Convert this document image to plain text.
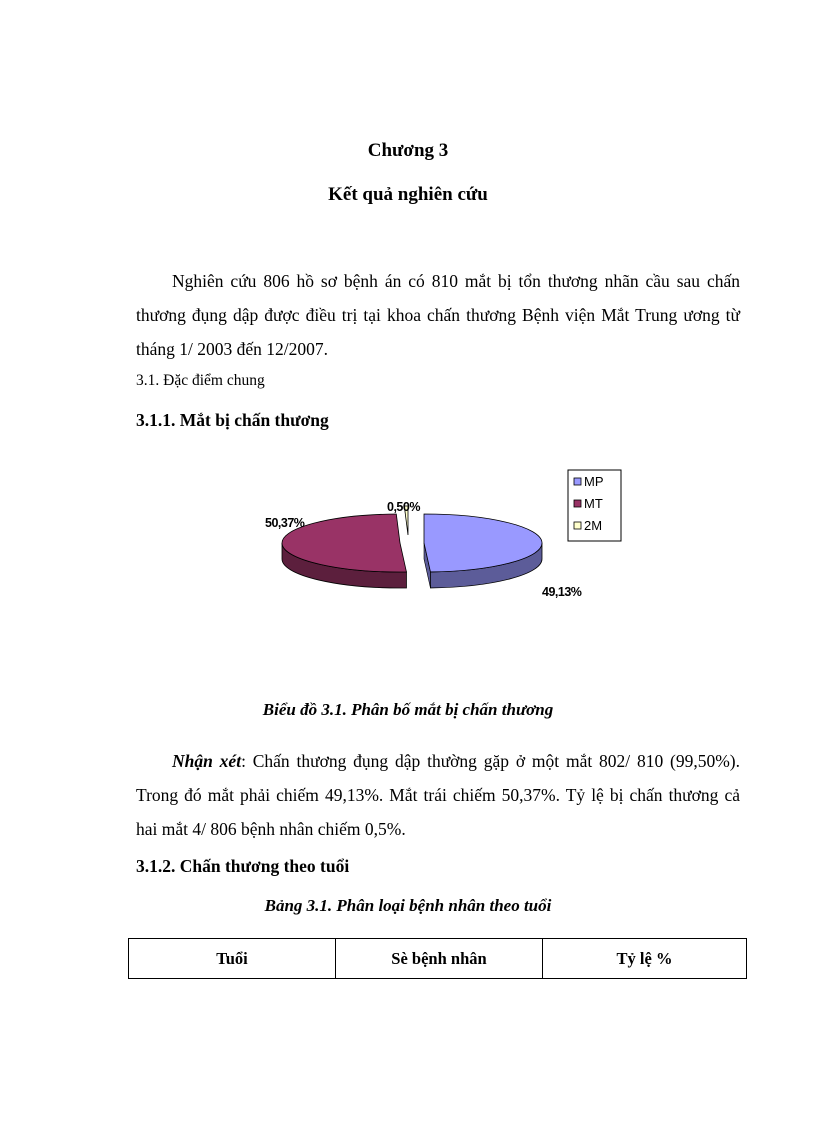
Chương 3
Kết quả nghiên cứu
Nghiên cứu 806 hồ sơ bệnh án có 810 mắt bị tổn thương nhãn cầu sau chấn thương đụng dập được điều trị tại khoa chấn thương Bệnh viện Mắt Trung ương từ tháng 1/ 2003 đến 12/2007.
3.1. Đặc điểm chung
3.1.1. Mắt bị chấn thương
50,37%
0,50%
49,13%
MP
MT
2M
Biểu đồ 3.1. Phân bố mắt bị chấn thương
Nhận xét: Chấn thương đụng dập thường gặp ở một mắt 802/ 810 (99,50%). Trong đó mắt phải chiếm 49,13%. Mắt trái chiếm 50,37%. Tỷ lệ bị chấn thương cả hai mắt 4/ 806 bệnh nhân chiếm 0,5%.
3.1.2. Chấn thương theo tuổi
Bảng 3.1. Phân loại bệnh nhân theo tuổi
Tuổi	Sè bệnh nhân	Tỷ lệ %
